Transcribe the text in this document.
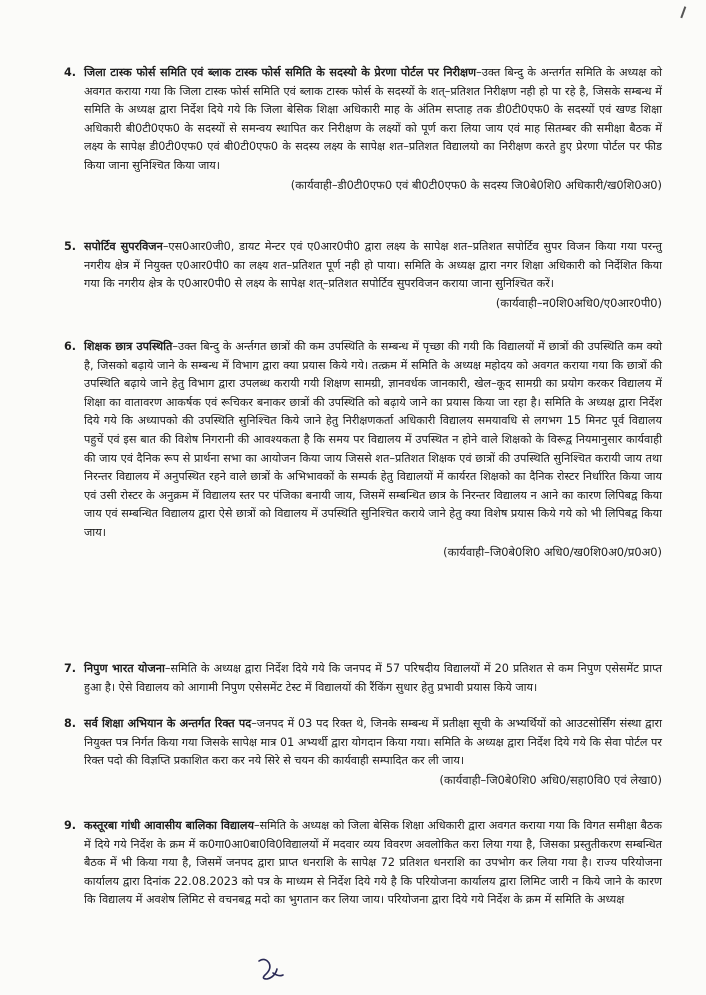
4. जिला टास्क फोर्स समिति एवं ब्लाक टास्क फोर्स समिति के सदस्यो के प्रेरणा पोर्टल पर निरीक्षण–उक्त बिन्दु के अन्तर्गत समिति के अध्यक्ष को अवगत कराया गया कि जिला टास्क फोर्स समिति एवं ब्लाक टास्क फोर्स के सदस्यों के शत्–प्रतिशत निरीक्षण नही हो पा रहे है, जिसके सम्बन्ध में समिति के अध्यक्ष द्वारा निर्देश दिये गये कि जिला बेसिक शिक्षा अधिकारी माह के अंतिम सप्ताह तक डी0टी0एफ0 के सदस्यों एवं खण्ड शिक्षा अधिकारी बी0टी0एफ0 के सदस्यों से समन्वय स्थापित कर निरीक्षण के लक्ष्यों को पूर्ण करा लिया जाय एवं माह सितम्बर की समीक्षा बैठक में लक्ष्य के सापेक्ष डी0टी0एफ0 एवं बी0टी0एफ0 के सदस्य लक्ष्य के सापेक्ष शत–प्रतिशत विद्यालयो का निरीक्षण करते हुए प्रेरणा पोर्टल पर फीड किया जाना सुनिश्चित किया जाय।
(कार्यवाही–डी0टी0एफ0 एवं बी0टी0एफ0 के सदस्य जि0बे0शि0 अधिकारी/ख0शि0अ0)
5. सपोर्टिव सुपरविजन–एस0आर0जी0, डायट मेन्टर एवं ए0आर0पी0 द्वारा लक्ष्य के सापेक्ष शत–प्रतिशत सपोर्टिव सुपर विजन किया गया परन्तु नगरीय क्षेत्र में नियुक्त ए0आर0पी0 का लक्ष्य शत–प्रतिशत पूर्ण नही हो पाया। समिति के अध्यक्ष द्वारा नगर शिक्षा अधिकारी को निर्देशित किया गया कि नगरीय क्षेत्र के ए0आर0पी0 से लक्ष्य के सापेक्ष शत्–प्रतिशत सपोर्टिव सुपरविजन कराया जाना सुनिश्चित करें।
(कार्यवाही–न0शि0अधि0/ए0आर0पी0)
6. शिक्षक छात्र उपस्थिति–उक्त बिन्दु के अर्न्तगत छात्रों की कम उपस्थिति के सम्बन्ध में पृच्छा की गयी कि विद्यालयों में छात्रों की उपस्थिति कम क्यो है, जिसको बढ़ाये जाने के सम्बन्ध में विभाग द्वारा क्या प्रयास किये गये। तत्क्रम में समिति के अध्यक्ष महोदय को अवगत कराया गया कि छात्रों की उपस्थिति बढ़ाये जाने हेतु विभाग द्वारा उपलब्ध करायी गयी शिक्षण सामग्री, ज्ञानवर्धक जानकारी, खेल–कूद सामग्री का प्रयोग करकर विद्यालय में शिक्षा का वातावरण आकर्षक एवं रूचिकर बनाकर छात्रों की उपस्थिति को बढ़ाये जाने का प्रयास किया जा रहा है। समिति के अध्यक्ष द्वारा निर्देश दिये गये कि अध्यापको की उपस्थिति सुनिश्चित किये जाने हेतु निरीक्षणकर्ता अधिकारी विद्यालय समयावधि से लगभग 15 मिनट पूर्व विद्यालय पहुचें एवं इस बात की विशेष निगरानी की आवश्यकता है कि समय पर विद्यालय में उपस्थित न होने वाले शिक्षको के विरूद्व नियमानुसार कार्यवाही की जाय एवं दैनिक रूप से प्रार्थना सभा का आयोजन किया जाय जिससे शत–प्रतिशत शिक्षक एवं छात्रों की उपस्थिति सुनिश्चित करायी जाय तथा निरन्तर विद्यालय में अनुपस्थित रहने वाले छात्रों के अभिभावकों के सम्पर्क हेतु विद्यालयों में कार्यरत शिक्षको का दैनिक रोस्टर निर्धारित किया जाय एवं उसी रोस्टर के अनुक्रम में विद्यालय स्तर पर पंजिका बनायी जाय, जिसमें सम्बन्धित छात्र के निरन्तर विद्यालय न आने का कारण लिपिबद्व किया जाय एवं सम्बन्धित विद्यालय द्वारा ऐसे छात्रों को विद्यालय में उपस्थिति सुनिश्चित कराये जाने हेतु क्या विशेष प्रयास किये गये को भी लिपिबद्व किया जाय।
(कार्यवाही–जि0बे0शि0 अधि0/ख0शि0अ0/प्र0अ0)
7. निपुण भारत योजना–समिति के अध्यक्ष द्वारा निर्देश दिये गये कि जनपद में 57 परिषदीय विद्यालयों में 20 प्रतिशत से कम निपुण एसेसमेंट प्राप्त हुआ है। ऐसे विद्यालय को आगामी निपुण एसेसमेंट टेस्ट में विद्यालयों की रैंकिंग सुधार हेतु प्रभावी प्रयास किये जाय।
8. सर्व शिक्षा अभियान के अन्तर्गत रिक्त पद–जनपद में 03 पद रिक्त थे, जिनके सम्बन्ध में प्रतीक्षा सूची के अभ्यर्थियों को आउटसोर्सिंग संस्था द्वारा नियुक्त पत्र निर्गत किया गया जिसके सापेक्ष मात्र 01 अभ्यर्थी द्वारा योगदान किया गया। समिति के अध्यक्ष द्वारा निर्देश दिये गये कि सेवा पोर्टल पर रिक्त पदो की विज्ञप्ति प्रकाशित करा कर नये सिरे से चयन की कार्यवाही सम्पादित कर ली जाय।
(कार्यवाही–जि0बे0शि0 अधि0/सहा0वि0 एवं लेखा0)
9. कस्तूरबा गांधी आवासीय बालिका विद्यालय–समिति के अध्यक्ष को जिला बेसिक शिक्षा अधिकारी द्वारा अवगत कराया गया कि विगत समीक्षा बैठक में दिये गये निर्देश के क्रम में क0गा0आ0बा0वि0विद्यालयों में मदवार व्यय विवरण अवलोकित करा लिया गया है, जिसका प्रस्तुतीकरण सम्बन्धित बैठक में भी किया गया है, जिसमें जनपद द्वारा प्राप्त धनराशि के सापेक्ष 72 प्रतिशत धनराशि का उपभोग कर लिया गया है। राज्य परियोजना कार्यालय द्वारा दिनांक 22.08.2023 को पत्र के माध्यम से निर्देश दिये गये है कि परियोजना कार्यालय द्वारा लिमिट जारी न किये जाने के कारण कि विद्यालय में अवशेष लिमिट से वचनबद्व मदो का भुगतान कर लिया जाय। परियोजना द्वारा दिये गये निर्देश के क्रम में समिति के अध्यक्ष
